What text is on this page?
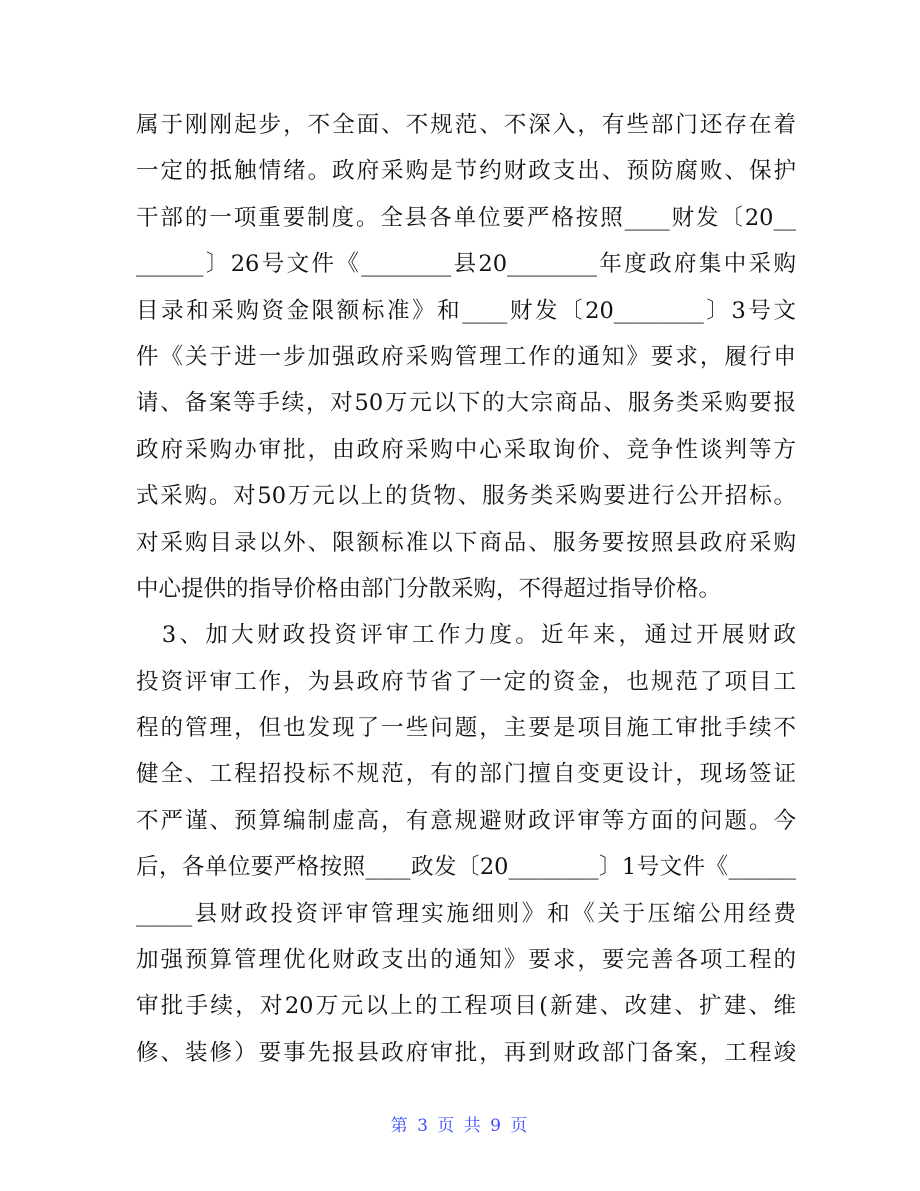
属于刚刚起步，不全面、不规范、不深入，有些部门还存在着
一定的抵触情绪。政府采购是节约财政支出、预防腐败、保护
干部的一项重要制度。全县各单位要严格按照____财发〔20__
______〕26号文件《________县20________年度政府集中采购
目录和采购资金限额标准》和____财发〔20________〕3号文
件《关于进一步加强政府采购管理工作的通知》要求，履行申
请、备案等手续，对50万元以下的大宗商品、服务类采购要报
政府采购办审批，由政府采购中心采取询价、竞争性谈判等方
式采购。对50万元以上的货物、服务类采购要进行公开招标。
对采购目录以外、限额标准以下商品、服务要按照县政府采购
中心提供的指导价格由部门分散采购，不得超过指导价格。
　3、加大财政投资评审工作力度。近年来，通过开展财政
投资评审工作，为县政府节省了一定的资金，也规范了项目工
程的管理，但也发现了一些问题，主要是项目施工审批手续不
健全、工程招投标不规范，有的部门擅自变更设计，现场签证
不严谨、预算编制虚高，有意规避财政评审等方面的问题。今
后，各单位要严格按照____政发〔20________〕1号文件《______
_____县财政投资评审管理实施细则》和《关于压缩公用经费
加强预算管理优化财政支出的通知》要求，要完善各项工程的
审批手续，对20万元以上的工程项目(新建、改建、扩建、维
修、装修）要事先报县政府审批，再到财政部门备案，工程竣
第 3 页 共 9 页
